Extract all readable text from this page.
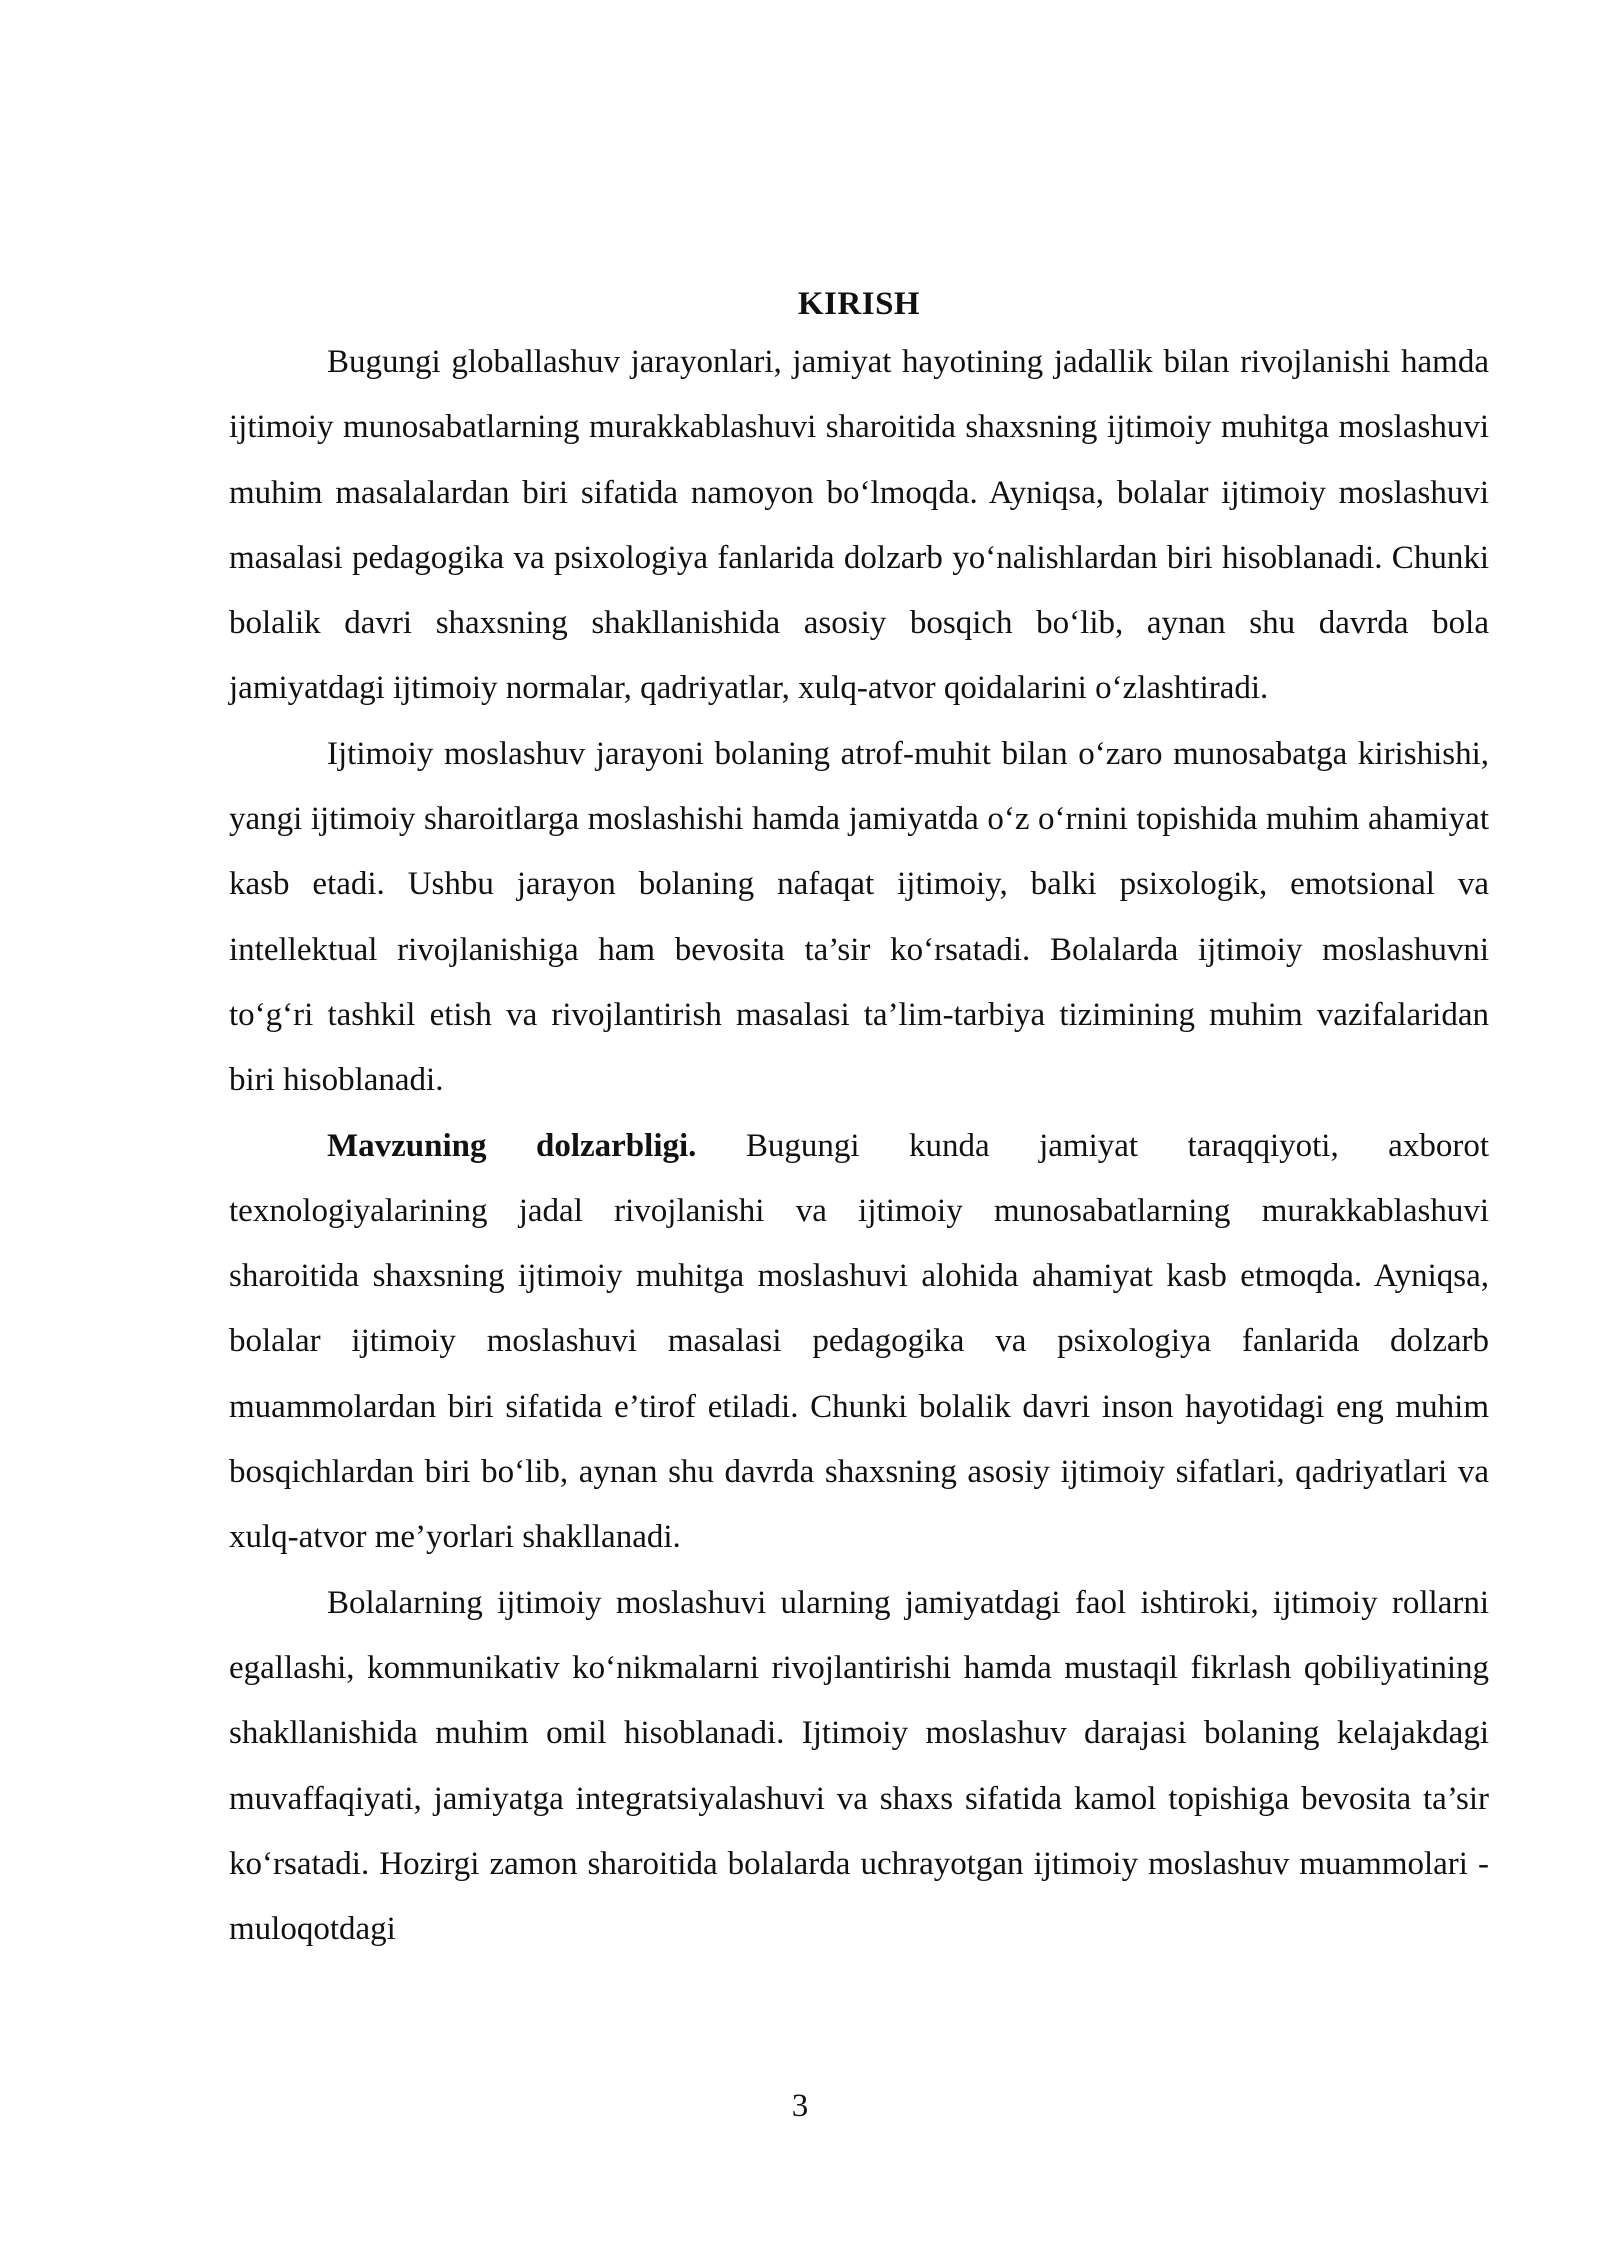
KIRISH

Bugungi globallashuv jarayonlari, jamiyat hayotining jadallik bilan rivojlanishi hamda ijtimoiy munosabatlarning murakkablashuvi sharoitida shaxsning ijtimoiy muhitga moslashuvi muhim masalalardan biri sifatida namoyon bo‘lmoqda. Ayniqsa, bolalar ijtimoiy moslashuvi masalasi pedagogika va psixologiya fanlarida dolzarb yo‘nalishlardan biri hisoblanadi. Chunki bolalik davri shaxsning shakllanishida asosiy bosqich bo‘lib, aynan shu davrda bola jamiyatdagi ijtimoiy normalar, qadriyatlar, xulq-atvor qoidalarini o‘zlashtiradi.

Ijtimoiy moslashuv jarayoni bolaning atrof-muhit bilan o‘zaro munosabatga kirishishi, yangi ijtimoiy sharoitlarga moslashishi hamda jamiyatda o‘z o‘rnini topishida muhim ahamiyat kasb etadi. Ushbu jarayon bolaning nafaqat ijtimoiy, balki psixologik, emotsional va intellektual rivojlanishiga ham bevosita ta’sir ko‘rsatadi. Bolalarda ijtimoiy moslashuvni to‘g‘ri tashkil etish va rivojlantirish masalasi ta’lim-tarbiya tizimining muhim vazifalaridan biri hisoblanadi.

Mavzuning dolzarbligi. Bugungi kunda jamiyat taraqqiyoti, axborot texnologiyalarining jadal rivojlanishi va ijtimoiy munosabatlarning murakkablashuvi sharoitida shaxsning ijtimoiy muhitga moslashuvi alohida ahamiyat kasb etmoqda. Ayniqsa, bolalar ijtimoiy moslashuvi masalasi pedagogika va psixologiya fanlarida dolzarb muammolardan biri sifatida e’tirof etiladi. Chunki bolalik davri inson hayotidagi eng muhim bosqichlardan biri bo‘lib, aynan shu davrda shaxsning asosiy ijtimoiy sifatlari, qadriyatlari va xulq-atvor me’yorlari shakllanadi.

Bolalarning ijtimoiy moslashuvi ularning jamiyatdagi faol ishtiroki, ijtimoiy rollarni egallashi, kommunikativ ko‘nikmalarni rivojlantirishi hamda mustaqil fikrlash qobiliyatining shakllanishida muhim omil hisoblanadi. Ijtimoiy moslashuv darajasi bolaning kelajakdagi muvaffaqiyati, jamiyatga integratsiyalashuvi va shaxs sifatida kamol topishiga bevosita ta’sir ko‘rsatadi. Hozirgi zamon sharoitida bolalarda uchrayotgan ijtimoiy moslashuv muammolari - muloqotdagi

3
